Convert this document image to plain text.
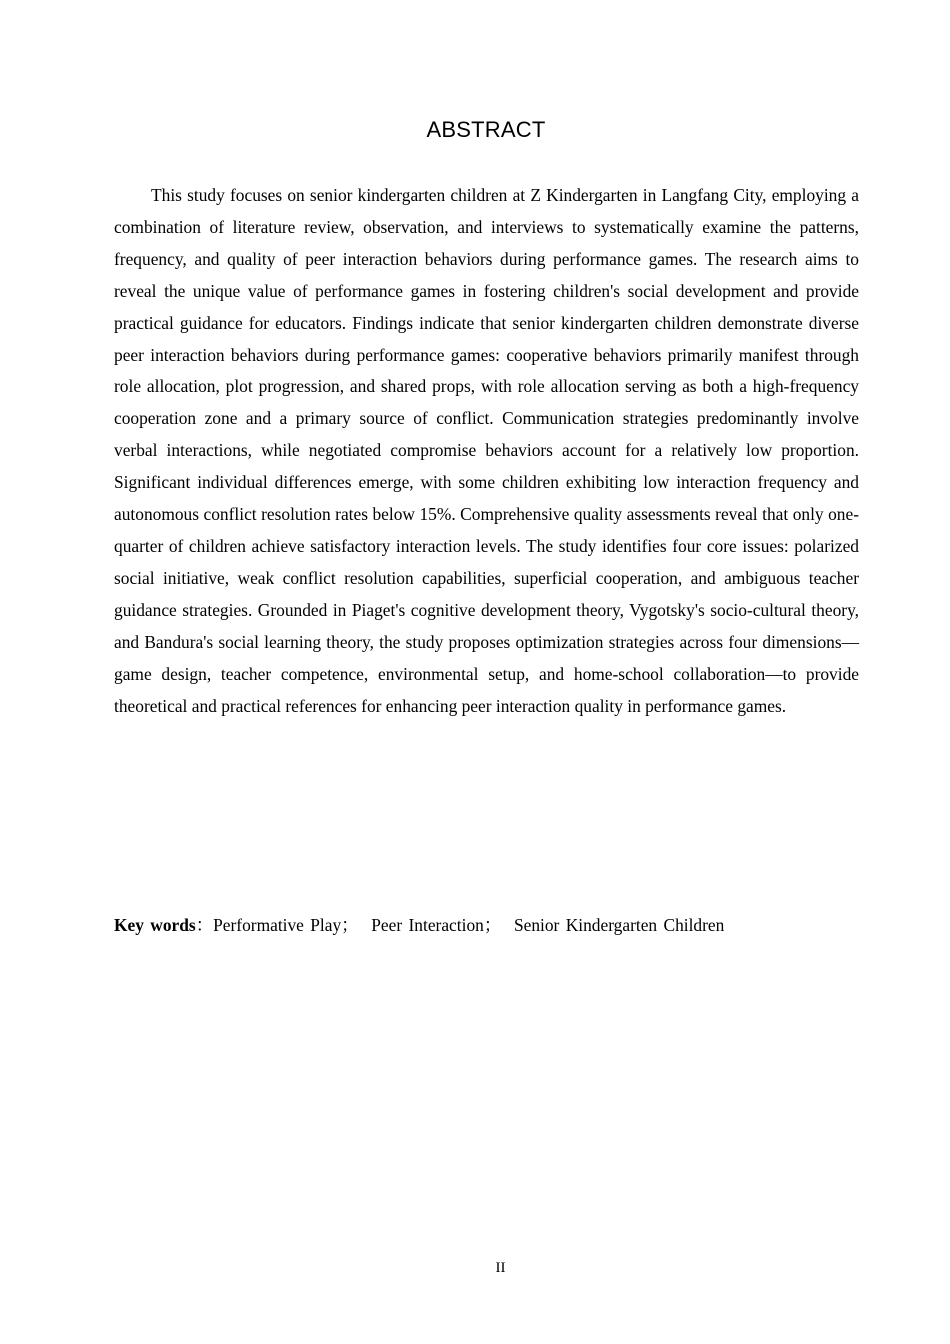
ABSTRACT

This study focuses on senior kindergarten children at Z Kindergarten in Langfang City, employing a combination of literature review, observation, and interviews to systematically examine the patterns, frequency, and quality of peer interaction behaviors during performance games. The research aims to reveal the unique value of performance games in fostering children's social development and provide practical guidance for educators. Findings indicate that senior kindergarten children demonstrate diverse peer interaction behaviors during performance games: cooperative behaviors primarily manifest through role allocation, plot progression, and shared props, with role allocation serving as both a high-frequency cooperation zone and a primary source of conflict. Communication strategies predominantly involve verbal interactions, while negotiated compromise behaviors account for a relatively low proportion. Significant individual differences emerge, with some children exhibiting low interaction frequency and autonomous conflict resolution rates below 15%. Comprehensive quality assessments reveal that only one-quarter of children achieve satisfactory interaction levels. The study identifies four core issues: polarized social initiative, weak conflict resolution capabilities, superficial cooperation, and ambiguous teacher guidance strategies. Grounded in Piaget's cognitive development theory, Vygotsky's socio-cultural theory, and Bandura's social learning theory, the study proposes optimization strategies across four dimensions—game design, teacher competence, environmental setup, and home-school collaboration—to provide theoretical and practical references for enhancing peer interaction quality in performance games.

Key words：Performative Play； Peer Interaction； Senior Kindergarten Children
II
